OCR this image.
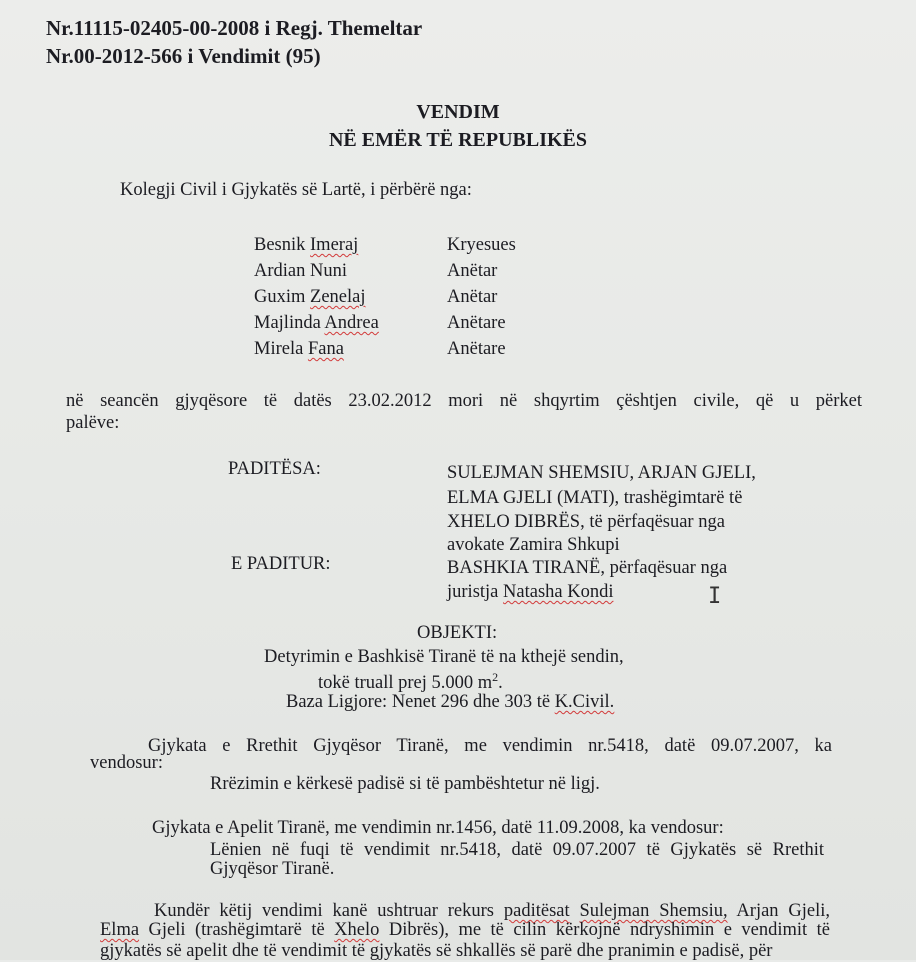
Nr.11115-02405-00-2008 i Regj. Themeltar
Nr.00-2012-566 i Vendimit (95)
VENDIM
NË EMËR TË REPUBLIKËS
Kolegji Civil i Gjykatës së Lartë, i përbërë nga:
Besnik Imeraj	Kryesues
Ardian Nuni	Anëtar
Guxim Zenelaj	Anëtar
Majlinda Andrea	Anëtare
Mirela Fana	Anëtare
në seancën gjyqësore të datës 23.02.2012 mori në shqyrtim çështjen civile, që u përket
palëve:
PADITËSA:	SULEJMAN SHEMSIU, ARJAN GJELI,
ELMA GJELI (MATI), trashëgimtarë të
XHELO DIBRËS, të përfaqësuar nga
avokate Zamira Shkupi
E PADITUR:	BASHKIA TIRANË, përfaqësuar nga
juristja Natasha Kondi	I
OBJEKTI:
Detyrimin e Bashkisë Tiranë të na kthejë sendin,
tokë truall prej 5.000 $m^2$.
Baza Ligjore: Nenet 296 dhe 303 të K.Civil.
Gjykata e Rrethit Gjyqësor Tiranë, me vendimin nr.5418, datë 09.07.2007, ka
vendosur:
Rrëzimin e kërkesë padisë si të pambështetur në ligj.
Gjykata e Apelit Tiranë, me vendimin nr.1456, datë 11.09.2008, ka vendosur:
Lënien në fuqi të vendimit nr.5418, datë 09.07.2007 të Gjykatës së Rrethit
Gjyqësor Tiranë.
Kundër këtij vendimi kanë ushtruar rekurs paditësat Sulejman Shemsiu, Arjan Gjeli,
Elma Gjeli (trashëgimtarë të Xhelo Dibrës), me të cilin kërkojnë ndryshimin e vendimit të
gjykatës së apelit dhe të vendimit të gjykatës së shkallës së parë dhe pranimin e padisë, për
